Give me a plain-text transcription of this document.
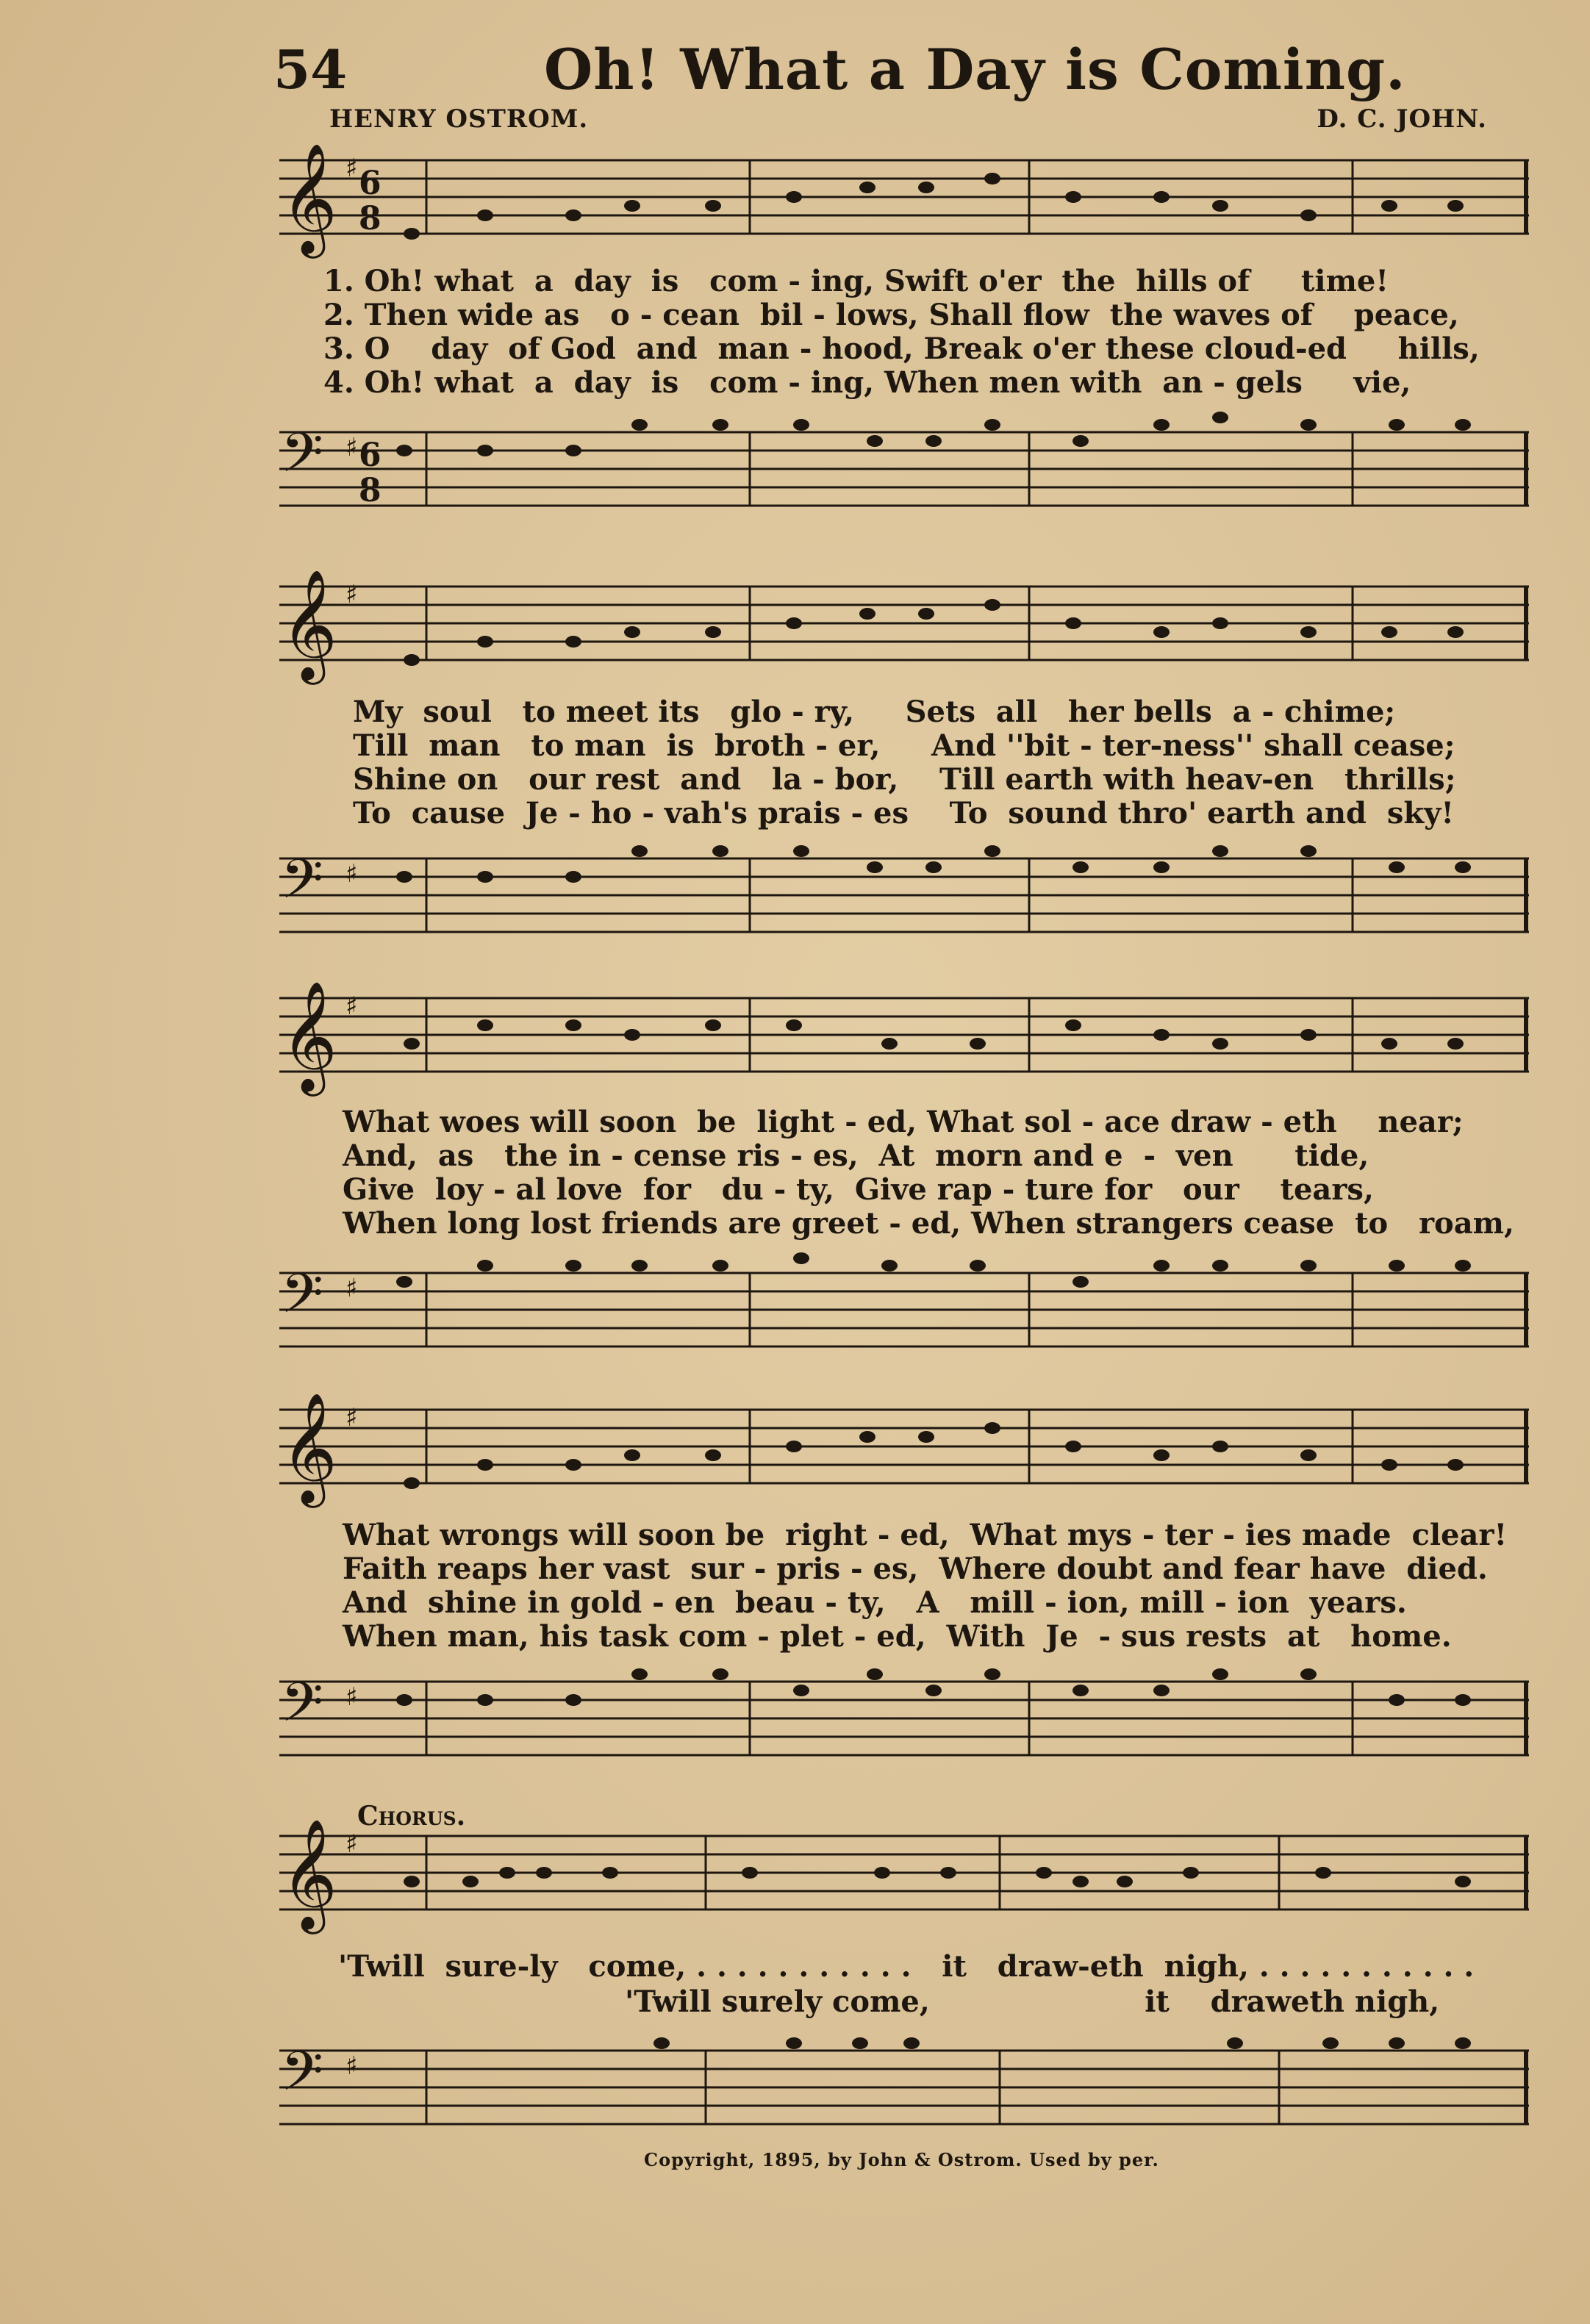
54	Oh! What a Day is Coming.
HENRY OSTROM.	D. C. JOHN.
𝄞 ♯ 6
8
1. Oh! what  a  day  is   com - ing, Swift o'er  the  hills of     time!
2. Then wide as   o - cean  bil - lows, Shall flow  the waves of    peace,
3. O    day  of God  and  man - hood, Break o'er these cloud-ed     hills,
4. Oh! what  a  day  is   com - ing, When men with  an - gels     vie,
𝄢 ♯ 6
8
𝄞 ♯
My  soul   to meet its   glo - ry,     Sets  all   her bells  a - chime;
Till  man   to man  is  broth - er,     And ''bit - ter-ness'' shall cease;
Shine on   our rest  and   la - bor,    Till earth with heav-en   thrills;
To  cause  Je - ho - vah's prais - es    To  sound thro' earth and  sky!
𝄢 ♯
𝄞 ♯
What woes will soon  be  light - ed, What sol - ace draw - eth    near;
And,  as   the in - cense ris - es,  At  morn and e  -  ven      tide,
Give  loy - al love  for   du - ty,  Give rap - ture for   our    tears,
When long lost friends are greet - ed, When strangers cease  to   roam,
𝄢 ♯
𝄞 ♯
What wrongs will soon be  right - ed,  What mys - ter - ies made  clear!
Faith reaps her vast  sur - pris - es,  Where doubt and fear have  died.
And  shine in gold - en  beau - ty,   A   mill - ion, mill - ion  years.
When man, his task com - plet - ed,  With  Je  - sus rests  at   home.
𝄢 ♯
Chorus.
𝄞 ♯
'Twill  sure-ly   come, . . . . . . . . . . .   it   draw-eth  nigh, . . . . . . . . . . .
'Twill surely come,                     it    draweth nigh,
𝄢 ♯
Copyright, 1895, by John & Ostrom. Used by per.
